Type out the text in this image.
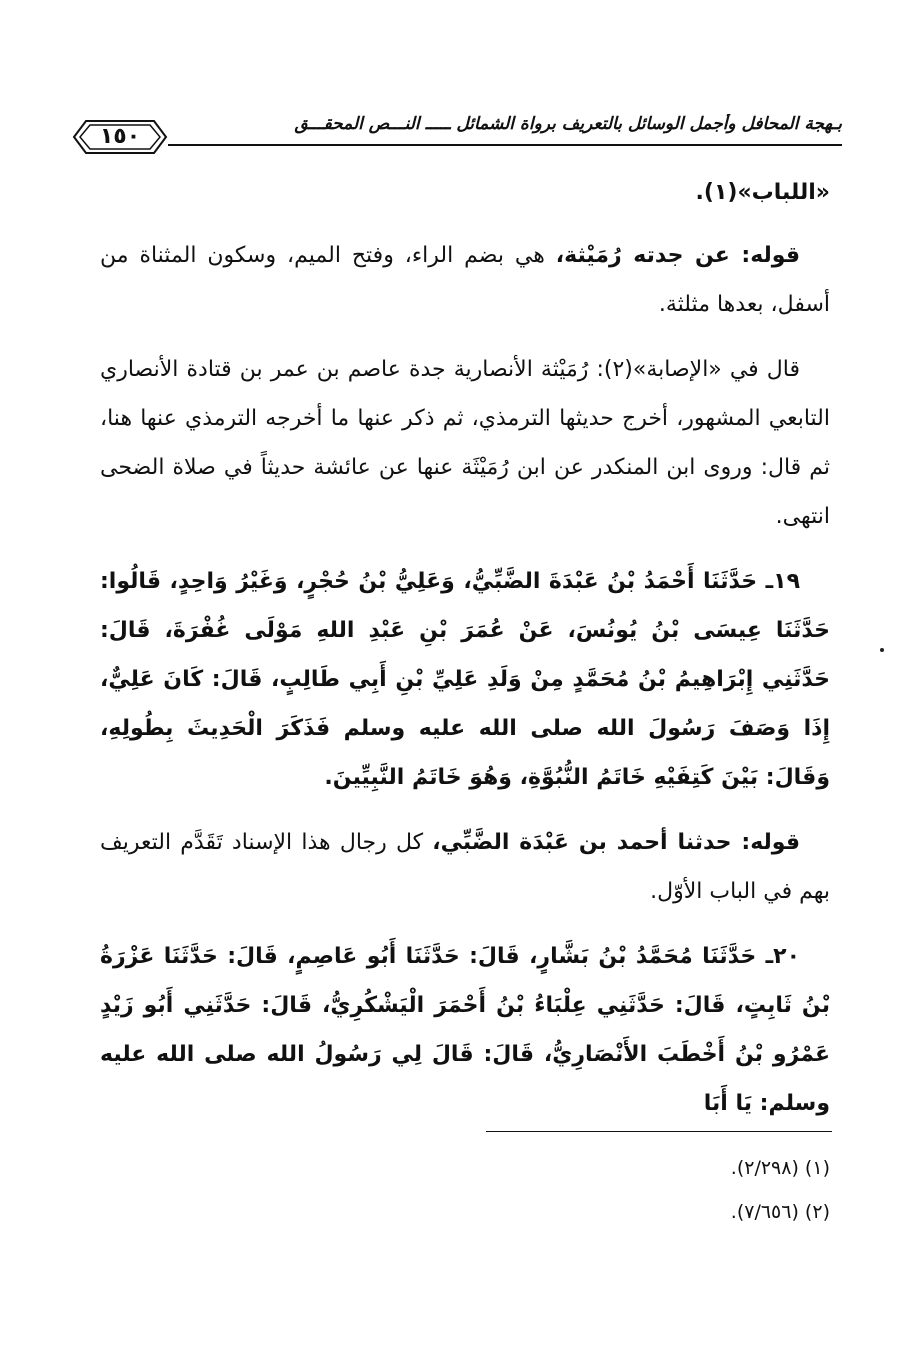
بـهجة المحافل وأجمل الوسائل بالتعريف برواة الشمائل ـــــ النـــص المحقـــق
١٥٠

«اللباب»(١).

قوله: عن جدته رُمَيْثة، هي بضم الراء، وفتح الميم، وسكون المثناة من أسفل، بعدها مثلثة.

قال في «الإصابة»(٢): رُمَيْثة الأنصارية جدة عاصم بن عمر بن قتادة الأنصاري التابعي المشهور، أخرج حديثها الترمذي، ثم ذكر عنها ما أخرجه الترمذي عنها هنا، ثم قال: وروى ابن المنكدر عن ابن رُمَيْثَة عنها عن عائشة حديثاً في صلاة الضحى انتهى.

١٩ـ حَدَّثَنَا أَحْمَدُ بْنُ عَبْدَةَ الضَّبِّيُّ، وَعَلِيُّ بْنُ حُجْرٍ، وَغَيْرُ وَاحِدٍ، قَالُوا: حَدَّثَنَا عِيسَى بْنُ يُونُسَ، عَنْ عُمَرَ بْنِ عَبْدِ اللهِ مَوْلَى غُفْرَةَ، قَالَ: حَدَّثَنِي إِبْرَاهِيمُ بْنُ مُحَمَّدٍ مِنْ وَلَدِ عَلِيِّ بْنِ أَبِي طَالِبٍ، قَالَ: كَانَ عَلِيٌّ، إِذَا وَصَفَ رَسُولَ الله صلى الله عليه وسلم فَذَكَرَ الْحَدِيثَ بِطُولِهِ، وَقَالَ: بَيْنَ كَتِفَيْهِ خَاتَمُ النُّبُوَّةِ، وَهُوَ خَاتَمُ النَّبِيِّينَ.

قوله: حدثنا أحمد بن عَبْدَة الضَّبِّي، كل رجال هذا الإسناد تَقَدَّم التعريف بهم في الباب الأوّل.

٢٠ـ حَدَّثَنَا مُحَمَّدُ بْنُ بَشَّارٍ، قَالَ: حَدَّثَنَا أَبُو عَاصِمٍ، قَالَ: حَدَّثَنَا عَزْرَةُ بْنُ ثَابِتٍ، قَالَ: حَدَّثَنِي عِلْبَاءُ بْنُ أَحْمَرَ الْيَشْكُرِيُّ، قَالَ: حَدَّثَنِي أَبُو زَيْدٍ عَمْرُو بْنُ أَخْطَبَ الأَنْصَارِيُّ، قَالَ: قَالَ لِي رَسُولُ الله صلى الله عليه وسلم: يَا أَبَا

(١) (٢/٢٩٨).
(٢) (٧/٦٥٦).
